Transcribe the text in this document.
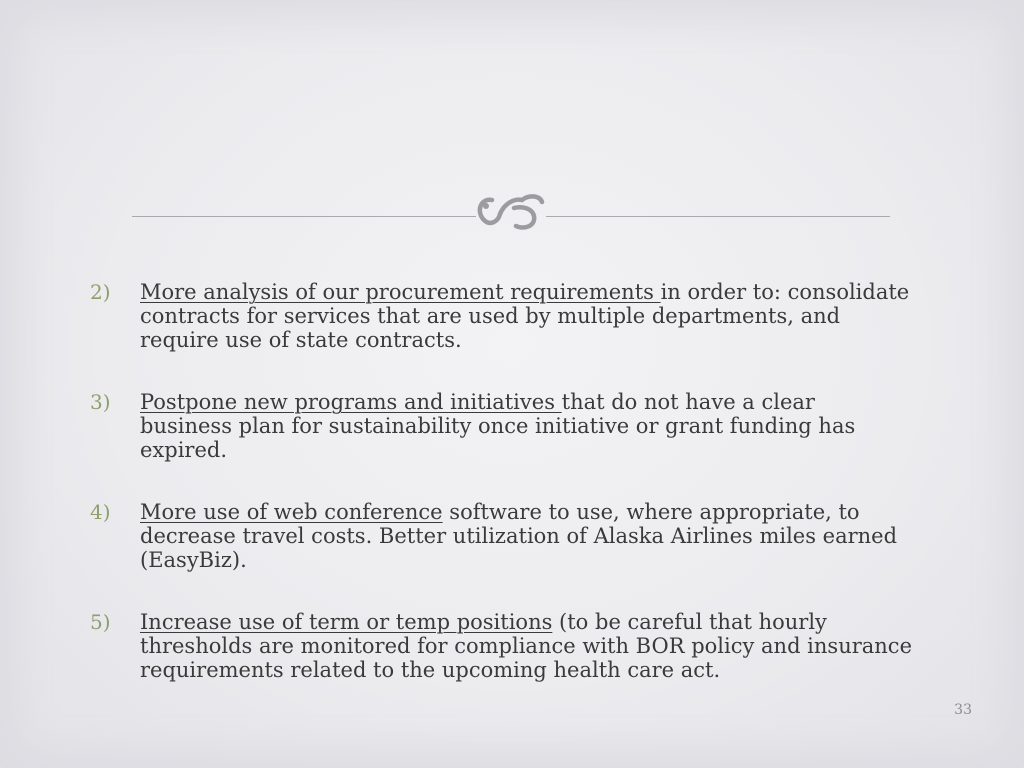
2) More analysis of our procurement requirements in order to: consolidate contracts for services that are used by multiple departments, and require use of state contracts.
3) Postpone new programs and initiatives that do not have a clear business plan for sustainability once initiative or grant funding has expired.
4) More use of web conference software to use, where appropriate, to decrease travel costs. Better utilization of Alaska Airlines miles earned (EasyBiz).
5) Increase use of term or temp positions (to be careful that hourly thresholds are monitored for compliance with BOR policy and insurance requirements related to the upcoming health care act.
33
